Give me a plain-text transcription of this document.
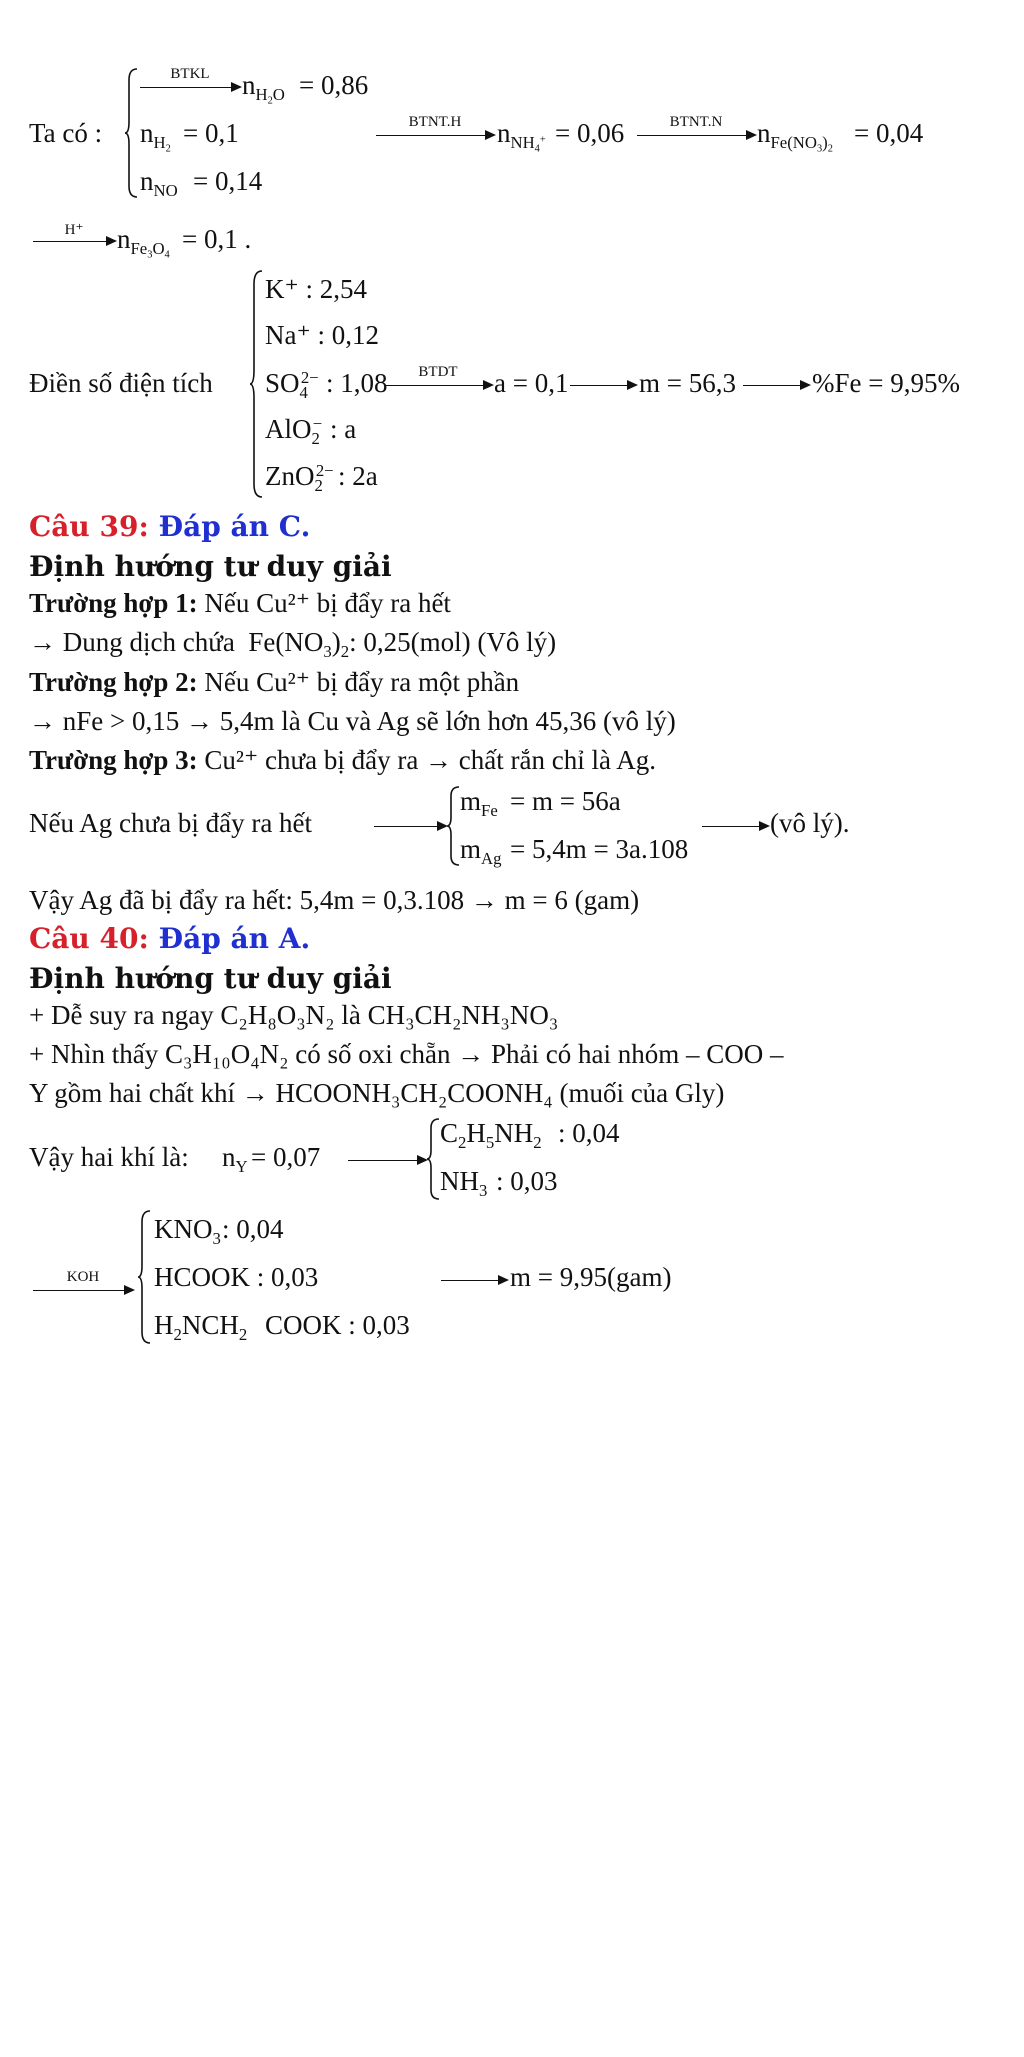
Ta có :
BTKL	$n_{H_2O} = 0,86$
$n_{H_2}$
= 0,1	BTNT.H	$n_{NH_4^+} = 0,06$	BTNT.N	$n_{Fe(NO_3)_2}$
= 0,04
$n_{NO} = 0,14$
H⁺	$n_{Fe_3O_4}$
= 0,1 .
Điền số điện tích
K⁺ : 2,54
Na⁺ : 0,12
$SO_4^{2-}$ : 1,08	BTDT	a = 0,1	m = 56,3	%Fe = 9,95%
AlO$_2$− : a
ZnO$_2^{2-}$ : 2a
Câu 39: Đáp án C.
Định hướng tư duy giải
Trường hợp 1: Nếu Cu²⁺ bị đẩy ra hết
→ Dung dịch chứa  $Fe(NO_3)_2$: 0,25(mol) (Vô lý)
Trường hợp 2: Nếu Cu²⁺ bị đẩy ra một phần
→ nFe > 0,15 → 5,4m là Cu và Ag sẽ lớn hơn 45,36 (vô lý)
Trường hợp 3: Cu²⁺ chưa bị đẩy ra → chất rắn chỉ là Ag.
Nếu Ag chưa bị đẩy ra hết
$m_{Fe} = m = 56a$
$m_{Ag} = 5,4m = 3a.108$
(vô lý).
Vậy Ag đã bị đẩy ra hết: 5,4m = 0,3.108 → m = 6 (gam)
Câu 40: Đáp án A.
Định hướng tư duy giải
+ Dễ suy ra ngay C₂H₈O₃N₂ là CH₃CH₂NH₃NO₃
+ Nhìn thấy C₃H₁₀O₄N₂ có số oxi chẵn → Phải có hai nhóm – COO –
Y gồm hai chất khí → HCOONH₃CH₂COONH₄ (muối của Gly)
Vậy hai khí là: $n_Y = 0,07$
$C_2H_5NH_2$ : 0,04
$NH_3$ : 0,03
KOH
$KNO_3$ : 0,04
HCOOK : 0,03	m = 9,95(gam)
$H_2NCH_2$ COOK : 0,03
